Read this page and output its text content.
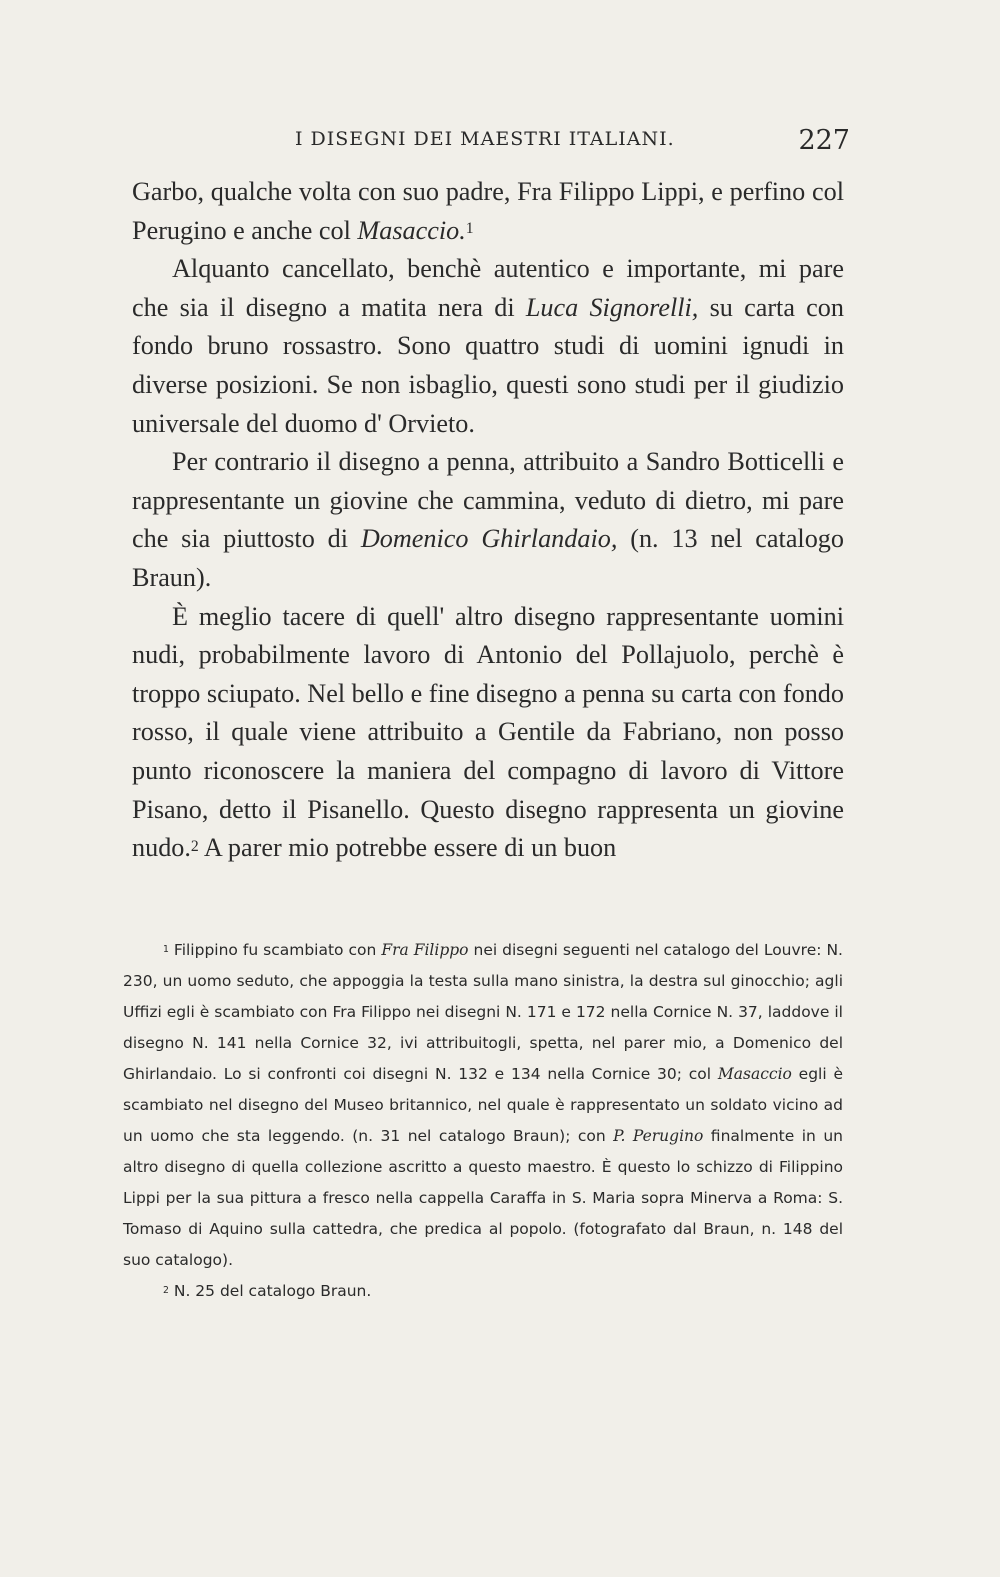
I DISEGNI DEI MAESTRI ITALIANI.	227

Garbo, qualche volta con suo padre, Fra Filippo Lippi, e perfino col Perugino e anche col Masaccio.$^1$

Alquanto cancellato, benchè autentico e importante, mi pare che sia il disegno a matita nera di Luca Signorelli, su carta con fondo bruno rossastro. Sono quattro studi di uomini ignudi in diverse posizioni. Se non isbaglio, questi sono studi per il giudizio universale del duomo d' Orvieto.

Per contrario il disegno a penna, attribuito a Sandro Botticelli e rappresentante un giovine che cammina, veduto di dietro, mi pare che sia piuttosto di Domenico Ghirlandaio, (n. 13 nel catalogo Braun).

È meglio tacere di quell' altro disegno rappresentante uomini nudi, probabilmente lavoro di Antonio del Pollajuolo, perchè è troppo sciupato. Nel bello e fine disegno a penna su carta con fondo rosso, il quale viene attribuito a Gentile da Fabriano, non posso punto riconoscere la maniera del compagno di lavoro di Vittore Pisano, detto il Pisanello. Questo disegno rappresenta un giovine nudo.$^2$ A parer mio potrebbe essere di un buon

$^1$ Filippino fu scambiato con Fra Filippo nei disegni seguenti nel catalogo del Louvre: N. 230, un uomo seduto, che appoggia la testa sulla mano sinistra, la destra sul ginocchio; agli Uffizi egli è scambiato con Fra Filippo nei disegni N. 171 e 172 nella Cornice N. 37, laddove il disegno N. 141 nella Cornice 32, ivi attribuitogli, spetta, nel parer mio, a Domenico del Ghirlandaio. Lo si confronti coi disegni N. 132 e 134 nella Cornice 30; col Masaccio egli è scambiato nel disegno del Museo britannico, nel quale è rappresentato un soldato vicino ad un uomo che sta leggendo. (n. 31 nel catalogo Braun); con P. Perugino finalmente in un altro disegno di quella collezione ascritto a questo maestro. È questo lo schizzo di Filippino Lippi per la sua pittura a fresco nella cappella Caraffa in S. Maria sopra Minerva a Roma: S. Tomaso di Aquino sulla cattedra, che predica al popolo. (fotografato dal Braun, n. 148 del suo catalogo).

$^2$ N. 25 del catalogo Braun.
